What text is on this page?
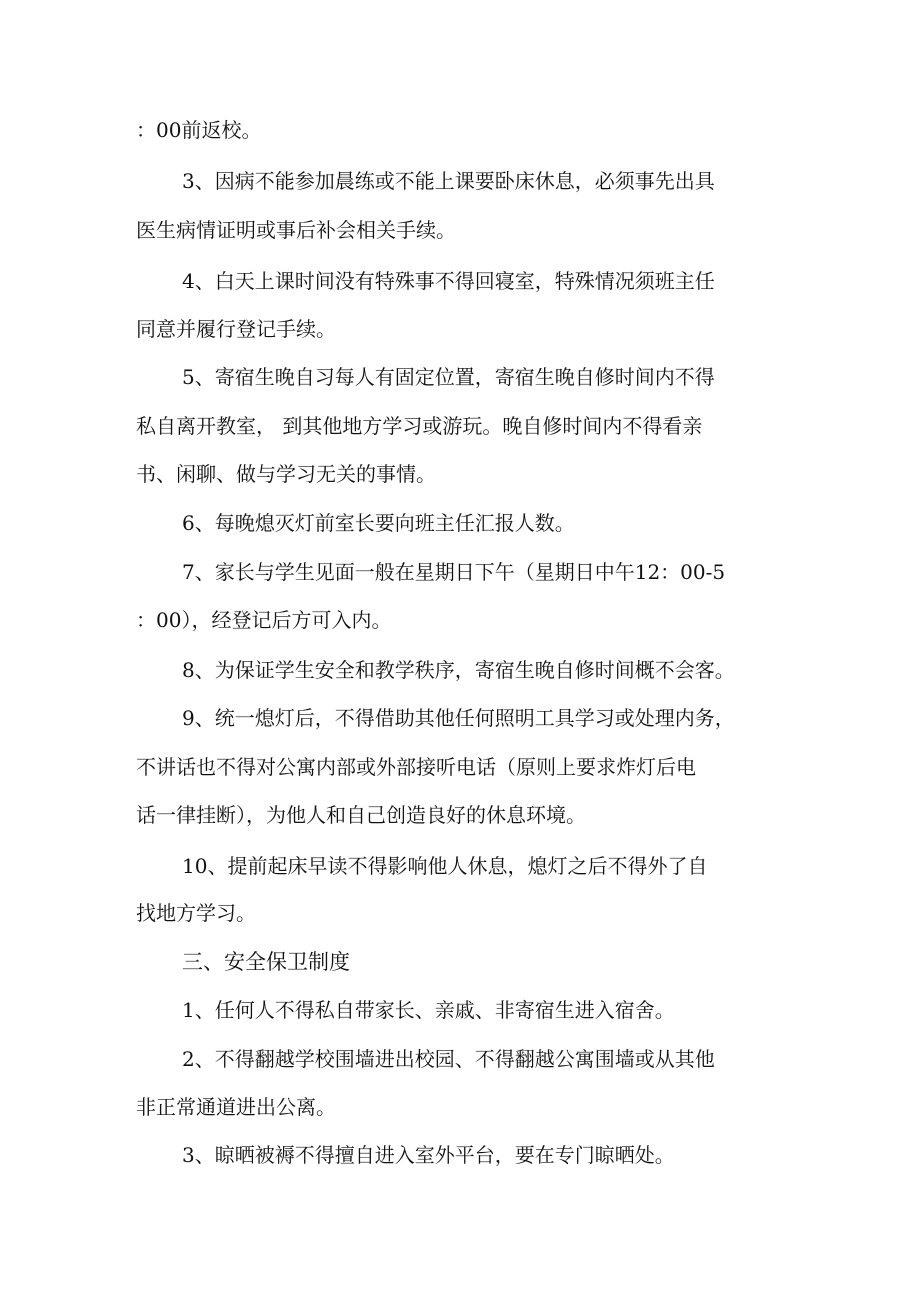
：00前返校。
3、因病不能参加晨练或不能上课要卧床休息，必须事先出具
医生病情证明或事后补会相关手续。
4、白天上课时间没有特殊事不得回寝室，特殊情况须班主任
同意并履行登记手续。
5、寄宿生晚自习每人有固定位置，寄宿生晚自修时间内不得
私自离开教室， 到其他地方学习或游玩。晚自修时间内不得看亲
书、闲聊、做与学习无关的事情。
6、每晚熄灭灯前室长要向班主任汇报人数。
7、家长与学生见面一般在星期日下午（星期日中午12：00-5
：00），经登记后方可入内。
8、为保证学生安全和教学秩序，寄宿生晚自修时间概不会客。
9、统一熄灯后，不得借助其他任何照明工具学习或处理内务，
不讲话也不得对公寓内部或外部接听电话（原则上要求炸灯后电
话一律挂断），为他人和自己创造良好的休息环境。
10、提前起床早读不得影响他人休息，熄灯之后不得外了自
找地方学习。
三、安全保卫制度
1、任何人不得私自带家长、亲戚、非寄宿生进入宿舍。
2、不得翻越学校围墙进出校园、不得翻越公寓围墙或从其他
非正常通道进出公离。
3、晾晒被褥不得擅自进入室外平台，要在专门晾晒处。
